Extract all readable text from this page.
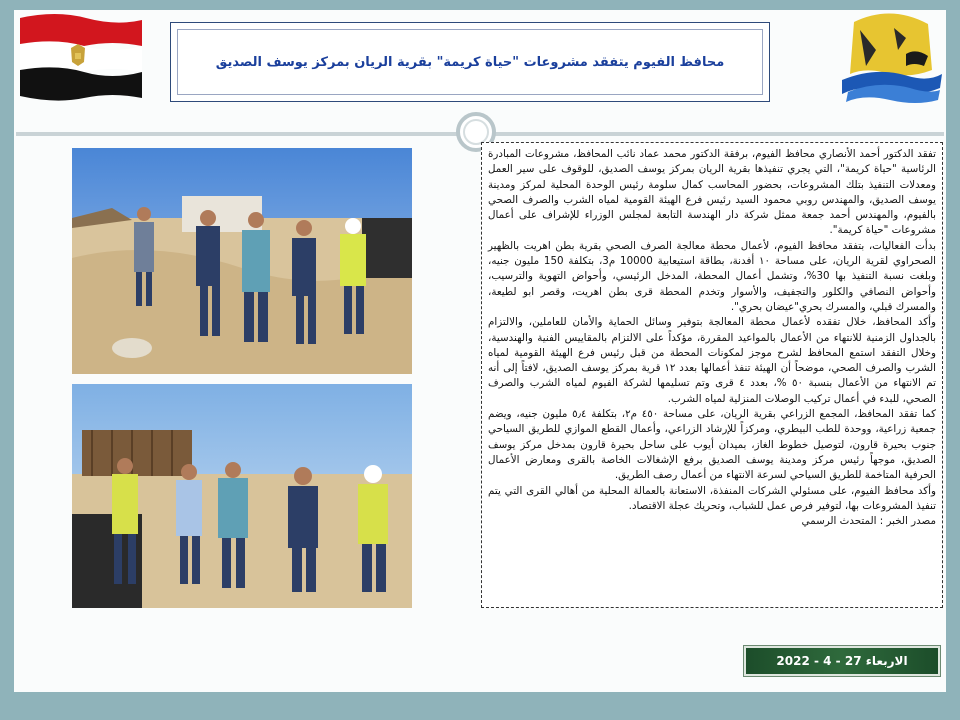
محافظ الفيوم يتفقد مشروعات "حياة كريمة" بقرية الريان بمركز يوسف الصديق

تفقد الدكتور أحمد الأنصاري محافظ الفيوم، برفقة الدكتور محمد عماد نائب المحافظ، مشروعات المبادرة الرئاسية "حياة كريمة"، التي يجري تنفيذها بقرية الريان بمركز يوسف الصديق، للوقوف على سير العمل ومعدلات التنفيذ بتلك المشروعات، بحضور المحاسب كمال سلومة رئيس الوحدة المحلية لمركز ومدينة يوسف الصديق، والمهندس روبي محمود السيد رئيس فرع الهيئة القومية لمياه الشرب والصرف الصحي بالفيوم، والمهندس أحمد جمعة ممثل شركة دار الهندسة التابعة لمجلس الوزراء للإشراف على أعمال مشروعات "حياة كريمة".

بدأت الفعاليات، بتفقد محافظ الفيوم، لأعمال محطة معالجة الصرف الصحي بقرية بطن اهريت بالظهير الصحراوي لقرية الريان، على مساحة ١٠ أفدنة، بطاقة استيعابية 10000 م3، بتكلفة 150 مليون جنيه، وبلغت نسبة التنفيذ بها 30%، وتشمل أعمال المحطة، المدخل الرئيسي، وأحواض التهوية والترسيب، وأحواض النصافي والكلور والتجفيف، والأسوار وتخدم المحطة قرى بطن اهريت، وقصر ابو لطيعة، والمسرك قبلي، والمسرك بحري"عيضان بحري".

وأكد المحافظ، خلال تفقده لأعمال محطة المعالجة بتوفير وسائل الحماية والأمان للعاملين، والالتزام بالجداول الزمنية للانتهاء من الأعمال بالمواعيد المقررة، مؤكداً على الالتزام بالمقاييس الفنية والهندسية، وخلال التفقد استمع المحافظ لشرح موجز لمكونات المحطة من قبل رئيس فرع الهيئة القومية لمياه الشرب والصرف الصحي، موضحاً أن الهيئة تنفذ أعمالها بعدد ١٢ قرية بمركز يوسف الصديق، لافتاً إلى أنه تم الانتهاء من الأعمال بنسبة ٥٠ %، بعدد ٤ قرى وتم تسليمها لشركة الفيوم لمياه الشرب والصرف الصحي، للبدء في أعمال تركيب الوصلات المنزلية لمياه الشرب.

كما تفقد المحافظ، المجمع الزراعي بقرية الريان، على مساحة ٤٥٠ م٢، بتكلفة ٥٫٤ مليون جنيه، ويضم جمعية زراعية، ووحدة للطب البيطري، ومركزاً للإرشاد الزراعي، وأعمال القطع الموازي للطريق السياحي جنوب بحيرة قارون، لتوصيل خطوط الغاز، بميدان أيوب على ساحل بحيرة قارون بمدخل مركز يوسف الصديق، موجهاً رئيس مركز ومدينة يوسف الصديق برفع الإشغالات الخاصة بالقرى ومعارض الأعمال الحرفية المتاخمة للطريق السياحي لسرعة الانتهاء من أعمال رصف الطريق.

وأكد محافظ الفيوم، على مسئولي الشركات المنفذة، الاستعانة بالعمالة المحلية من أهالي القرى التي يتم تنفيذ المشروعات بها، لتوفير فرص عمل للشباب، وتحريك عجلة الاقتصاد.

مصدر الخبر : المتحدث الرسمي

الاربعاء 27 - 4 - 2022
